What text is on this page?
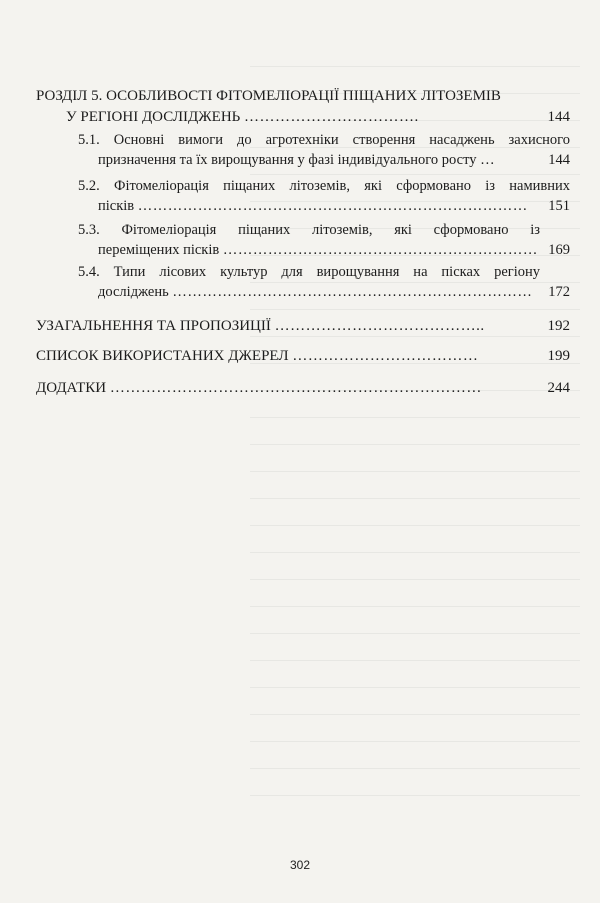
РОЗДІЛ 5. ОСОБЛИВОСТІ ФІТОМЕЛІОРАЦІЇ ПІЩАНИХ ЛІТОЗЕМІВ
У РЕГІОНІ ДОСЛІДЖЕНЬ …………………………….	144
5.1. Основні вимоги до агротехніки створення насаджень захисного
призначення та їх вирощування у фазі індивідуального росту …	144
5.2. Фітомеліорація піщаних літоземів, які сформовано із намивних
пісків …………………………………………………………………… 151
5.3. Фітомеліорація піщаних літоземів, які сформовано із
переміщених пісків ……………………………………………………… 169
5.4. Типи лісових культур для вирощування на пісках регіону
досліджень ……………………………………………………………… 172
УЗАГАЛЬНЕННЯ ТА ПРОПОЗИЦІЇ …………………………………..	192
СПИСОК ВИКОРИСТАНИХ ДЖЕРЕЛ ………………………………	199
ДОДАТКИ ………………………………………………………………	244
302
